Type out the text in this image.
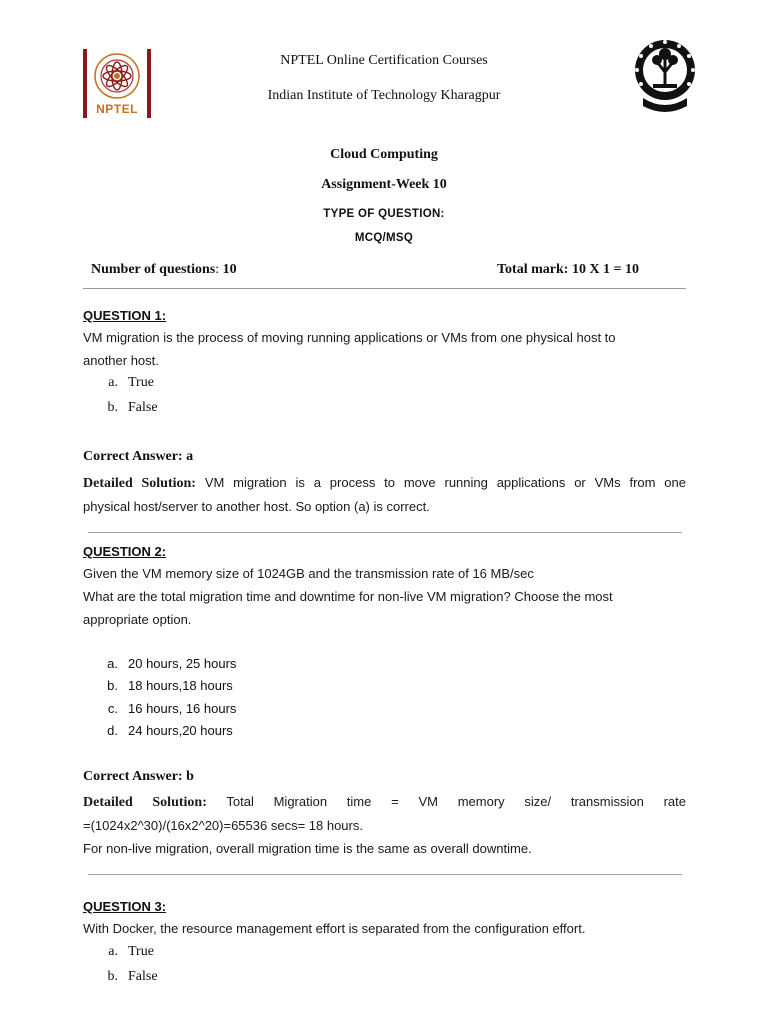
NPTEL
NPTEL Online Certification Courses
Indian Institute of Technology Kharagpur
Cloud Computing
Assignment-Week 10
TYPE OF QUESTION:
MCQ/MSQ
Number of questions: 10	Total mark: 10 X 1 = 10
QUESTION 1:
VM migration is the process of moving running applications or VMs from one physical host to
another host.
a. True
b. False
Correct Answer: a
Detailed Solution: VM migration is a process to move running applications or VMs from one
physical host/server to another host. So option (a) is correct.
QUESTION 2:
Given the VM memory size of 1024GB and the transmission rate of 16 MB/sec
What are the total migration time and downtime for non-live VM migration? Choose the most
appropriate option.
a. 20 hours, 25 hours
b. 18 hours,18 hours
c. 16 hours, 16 hours
d. 24 hours,20 hours
Correct Answer: b
Detailed Solution: Total Migration time = VM memory size/ transmission rate
=(1024x2^30)/(16x2^20)=65536 secs= 18 hours.
For non-live migration, overall migration time is the same as overall downtime.
QUESTION 3:
With Docker, the resource management effort is separated from the configuration effort.
a. True
b. False
